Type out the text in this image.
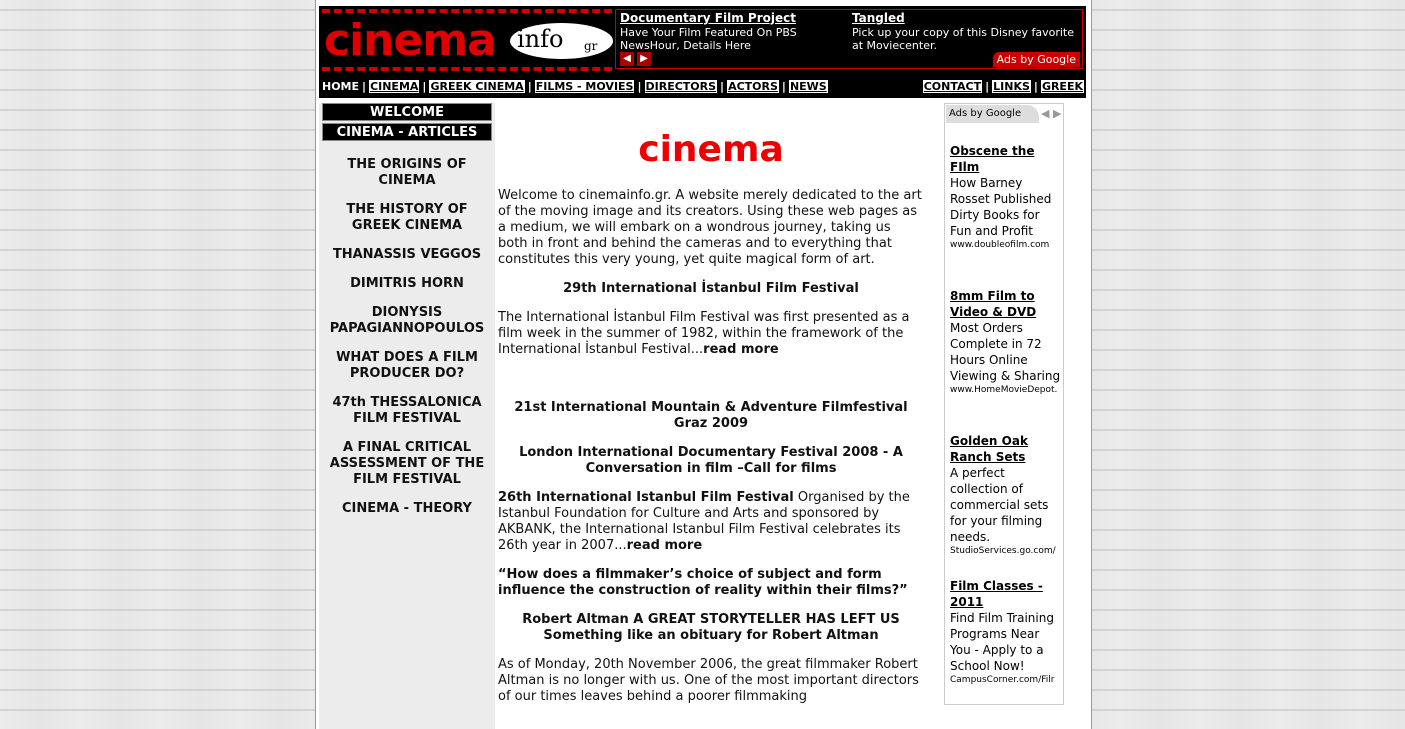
cinema info gr
Documentary Film Project
Have Your Film Featured On PBS NewsHour, Details Here
Tangled
Pick up your copy of this Disney favorite at Moviecenter.
◀ ▶	Ads by Google
HOME | CINEMA | GREEK CINEMA | FILMS - MOVIES | DIRECTORS | ACTORS | NEWS	CONTACT | LINKS | GREEK
WELCOME
CINEMA - ARTICLES
THE ORIGINS OF CINEMA
THE HISTORY OF GREEK CINEMA
THANASSIS VEGGOS
DIMITRIS HORN
DIONYSIS PAPAGIANNOPOULOS
WHAT DOES A FILM PRODUCER DO?
47th THESSALONICA FILM FESTIVAL
A FINAL CRITICAL ASSESSMENT OF THE FILM FESTIVAL
CINEMA - THEORY
cinema

Welcome to cinemainfo.gr. A website merely dedicated to the art of the moving image and its creators. Using these web pages as a medium, we will embark on a wondrous journey, taking us both in front and behind the cameras and to everything that constitutes this very young, yet quite magical form of art.

29th International İstanbul Film Festival

The International İstanbul Film Festival was first presented as a film week in the summer of 1982, within the framework of the International İstanbul Festival...read more

21st International Mountain & Adventure Filmfestival Graz 2009

London International Documentary Festival 2008 - A Conversation in film –Call for films

26th International Istanbul Film Festival Organised by the Istanbul Foundation for Culture and Arts and sponsored by AKBANK, the International Istanbul Film Festival celebrates its 26th year in 2007...read more

“How does a filmmaker’s choice of subject and form influence the construction of reality within their films?”

Robert Altman A GREAT STORYTELLER HAS LEFT US Something like an obituary for Robert Altman

As of Monday, 20th November 2006, the great filmmaker Robert Altman is no longer with us. One of the most important directors of our times leaves behind a poorer filmmaking

Ads by Google	◀ ▶
Obscene the FIlm
How Barney Rosset Published Dirty Books for Fun and Profit
www.doubleofilm.com
8mm Film to Video & DVD
Most Orders Complete in 72 Hours Online Viewing & Sharing
www.HomeMovieDepot.
Golden Oak Ranch Sets
A perfect collection of commercial sets for your filming needs.
StudioServices.go.com/
Film Classes - 2011
Find Film Training Programs Near You - Apply to a School Now!
CampusCorner.com/Filr
